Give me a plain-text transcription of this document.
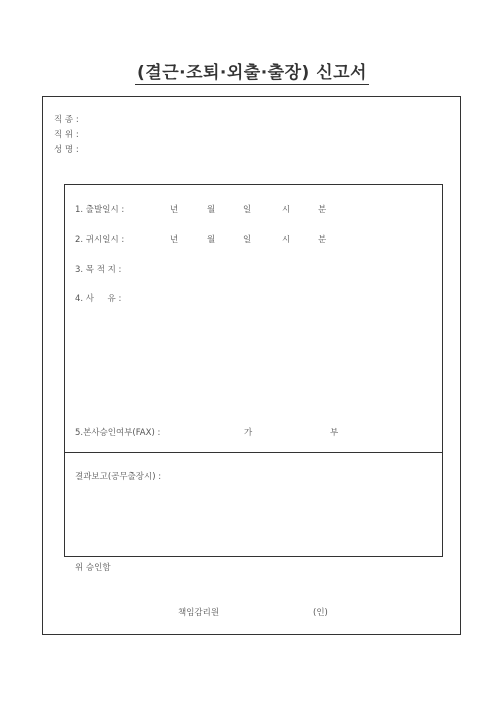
(결근·조퇴·외출·출장) 신고서
직 종 :
직 위 :
성 명 :
1. 출발일시 :	년	월	일	시	분
2. 귀시일시 :	년	월	일	시	분
3. 목 적 지 :
4. 사     유 :
5.본사승인여부(FAX) :	가	부
결과보고(공무출장시) :
위 승인함
책임감리원	(인)
